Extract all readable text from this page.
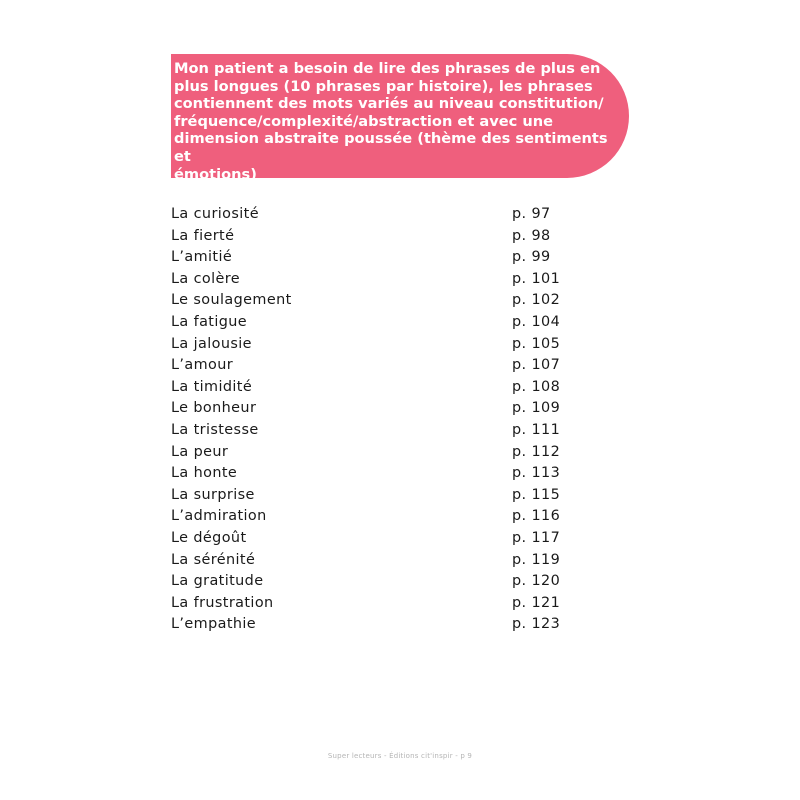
Mon patient a besoin de lire des phrases de plus en
plus longues (10 phrases par histoire), les phrases
contiennent des mots variés au niveau constitution/
fréquence/complexité/abstraction et avec une
dimension abstraite poussée (thème des sentiments et
émotions)

La curiosité	p. 97
La fierté	p. 98
L’amitié	p. 99
La colère	p. 101
Le soulagement	p. 102
La fatigue	p. 104
La jalousie	p. 105
L’amour	p. 107
La timidité	p. 108
Le bonheur	p. 109
La tristesse	p. 111
La peur	p. 112
La honte	p. 113
La surprise	p. 115
L’admiration	p. 116
Le dégoût	p. 117
La sérénité	p. 119
La gratitude	p. 120
La frustration	p. 121
L’empathie	p. 123
Super lecteurs - Éditions cit'inspir - p 9
